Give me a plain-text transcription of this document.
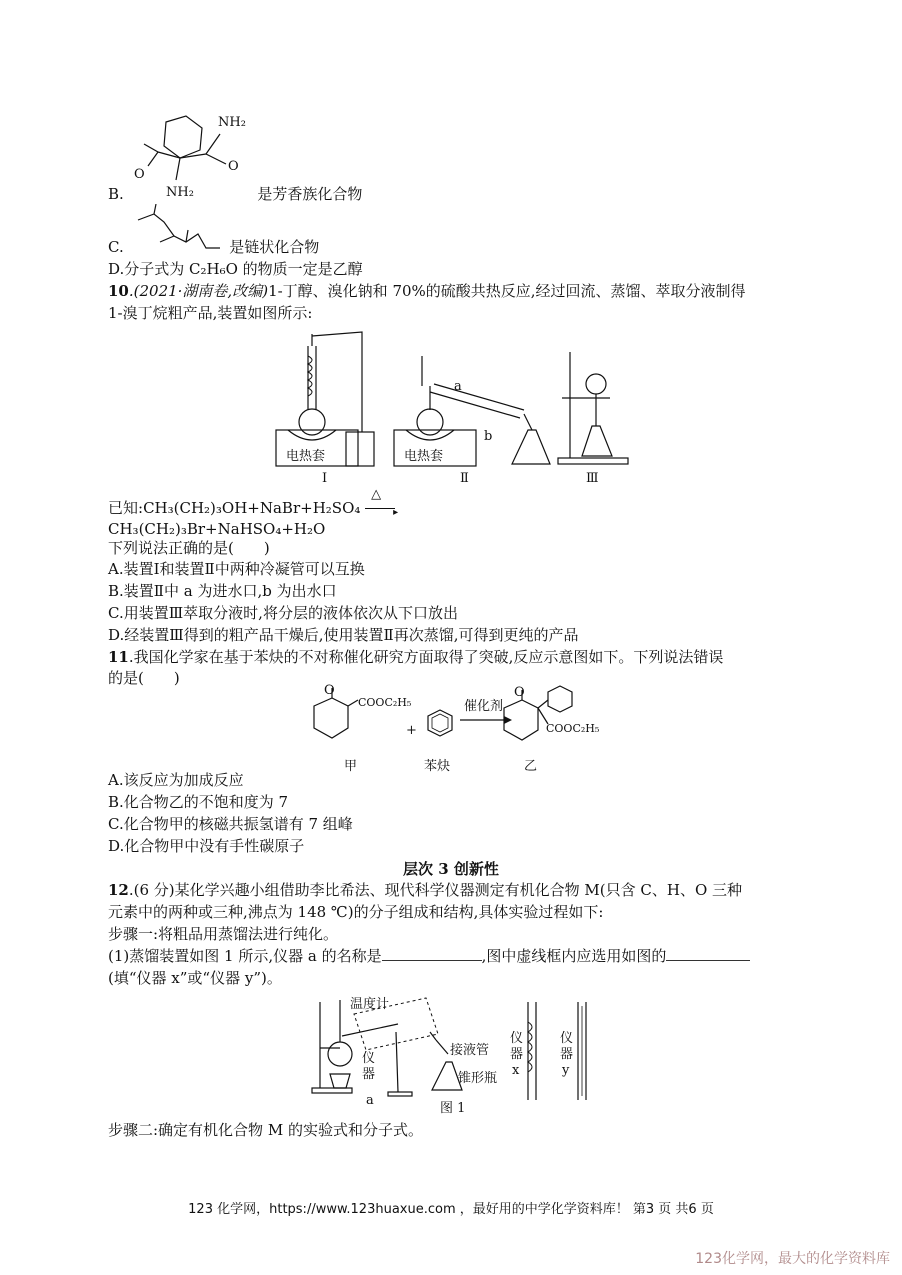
NH₂
O
O
NH₂
B.	是芳香族化合物
C.	是链状化合物
D.分子式为 C₂H₆O 的物质一定是乙醇
10.(2021·湖南卷,改编)1-丁醇、溴化钠和 70%的硫酸共热反应,经过回流、蒸馏、萃取分液制得
1-溴丁烷粗产品,装置如图所示:
电热套
Ⅰ
电热套
a
b
Ⅱ	Ⅲ
已知:CH₃(CH₂)₃OH+NaBr+H₂SO₄
△
▸
CH₃(CH₂)₃Br+NaHSO₄+H₂O
下列说法正确的是(　　)
A.装置Ⅰ和装置Ⅱ中两种冷凝管可以互换
B.装置Ⅱ中 a 为进水口,b 为出水口
C.用装置Ⅲ萃取分液时,将分层的液体依次从下口放出
D.经装置Ⅲ得到的粗产品干燥后,使用装置Ⅱ再次蒸馏,可得到更纯的产品
11.我国化学家在基于苯炔的不对称催化研究方面取得了突破,反应示意图如下。下列说法错误
的是(　　)
O
COOC₂H₅
甲
+
苯炔
催化剂
O
COOC₂H₅
乙
A.该反应为加成反应
B.化合物乙的不饱和度为 7
C.化合物甲的核磁共振氢谱有 7 组峰
D.化合物甲中没有手性碳原子
层次 3 创新性
12.(6 分)某化学兴趣小组借助李比希法、现代科学仪器测定有机化合物 M(只含 C、H、O 三种
元素中的两种或三种,沸点为 148 ℃)的分子组成和结构,具体实验过程如下:
步骤一:将粗品用蒸馏法进行纯化。
(1)蒸馏装置如图 1 所示,仪器 a 的名称是	,图中虚线框内应选用如图的
(填“仪器 x”或“仪器 y”)。
温度计
仪
器
a
接液管
锥形瓶
图 1
仪
器
x
仪
器
y
步骤二:确定有机化合物 M 的实验式和分子式。
123 化学网，https://www.123huaxue.com ，最好用的中学化学资料库！ 第3 页 共6 页
123化学网，最大的化学资料库
